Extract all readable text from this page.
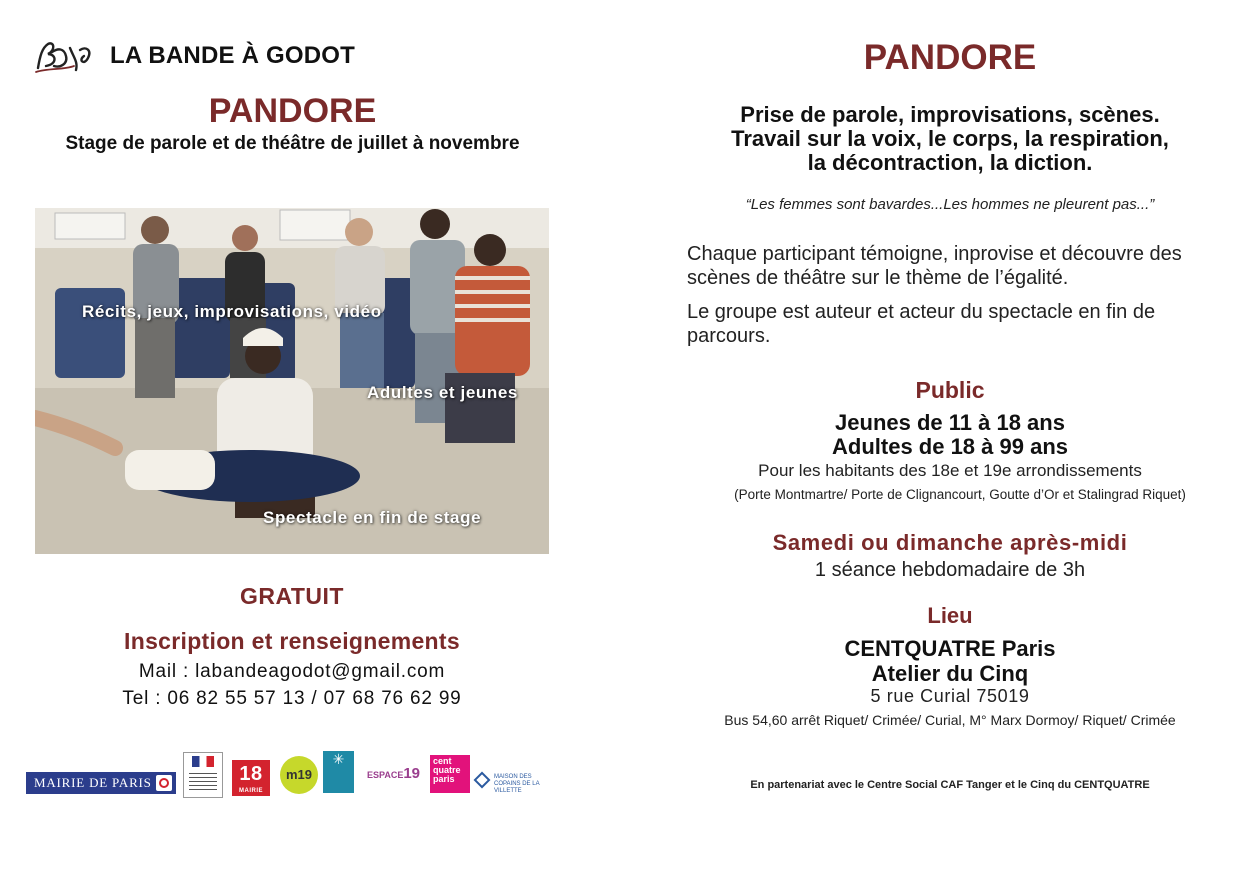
LA BANDE À GODOT
PANDORE
Stage de parole et de théâtre de juillet à novembre
Récits, jeux, improvisations, vidéo
Adultes et jeunes
Spectacle en fin de stage
GRATUIT
Inscription et renseignements
Mail : labandeagodot@gmail.com
Tel : 06 82 55 57 13 / 07 68 76 62 99
MAIRIE DE PARIS	18
MAIRIE
m19
✳
ESPACE19
cent
quatre
paris	MAISON DES COPAINS DE LA VILLETTE
PANDORE
Prise de parole, improvisations, scènes.
Travail sur la voix, le corps, la respiration,
la décontraction, la diction.
“Les femmes sont bavardes...Les hommes ne pleurent pas...”
Chaque participant témoigne, inprovise et découvre des scènes de théâtre sur le thème de l’égalité.
Le groupe est auteur et acteur du spectacle en fin de parcours.
Public
Jeunes de 11 à 18 ans
Adultes de 18 à 99 ans
Pour les habitants des 18e et 19e arrondissements
(Porte Montmartre/ Porte de Clignancourt, Goutte d’Or et Stalingrad Riquet)
Samedi ou dimanche après-midi
1 séance hebdomadaire de 3h
Lieu
CENTQUATRE Paris
Atelier du Cinq
5 rue Curial 75019
Bus 54,60 arrêt Riquet/ Crimée/ Curial, M° Marx Dormoy/ Riquet/ Crimée
En partenariat avec le Centre Social CAF Tanger et le Cinq du CENTQUATRE
